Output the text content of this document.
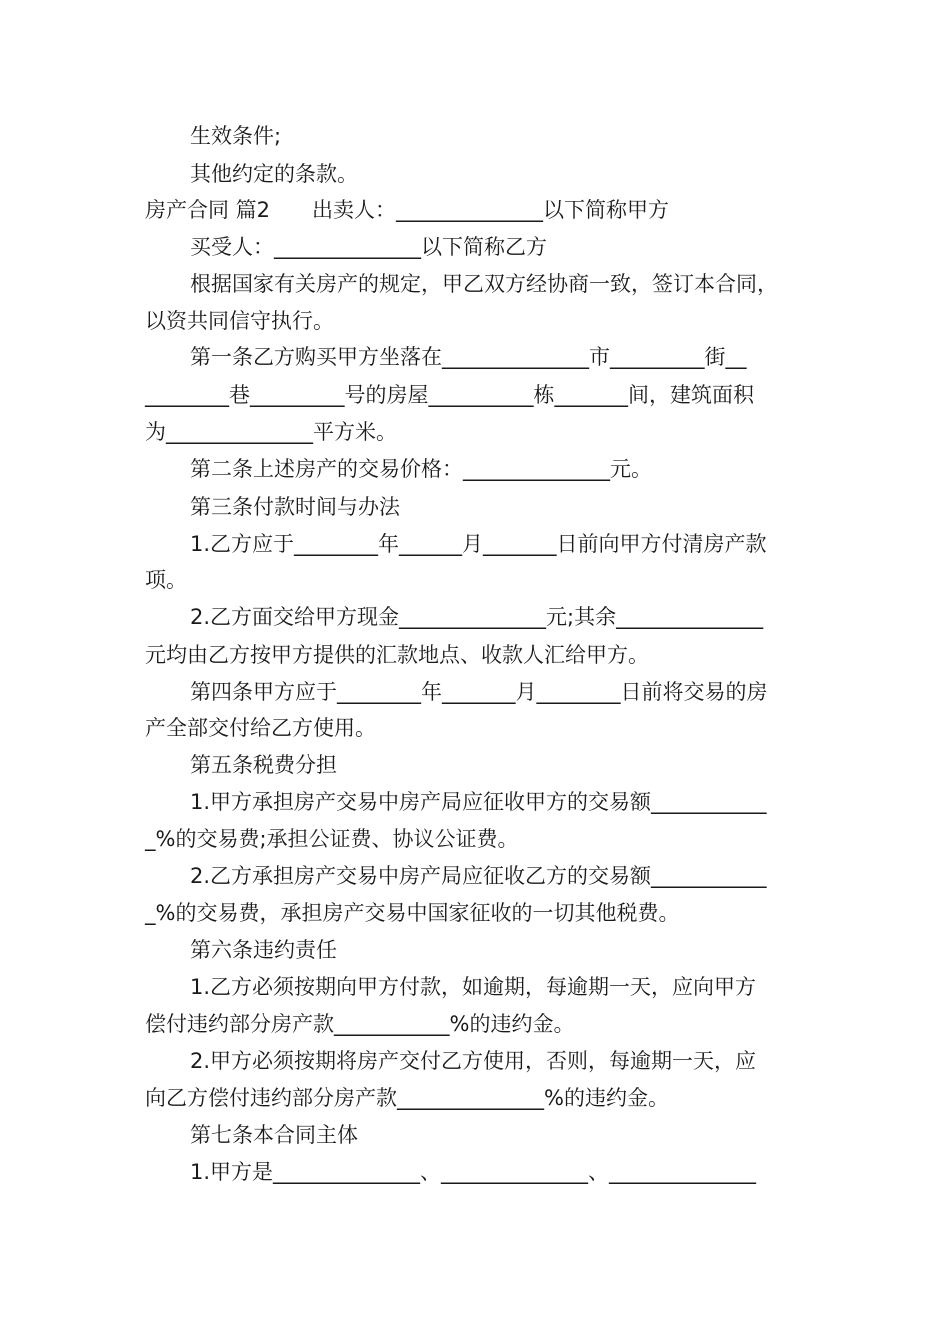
生效条件;
其他约定的条款。
房产合同 篇2　　出卖人：______________以下简称甲方
买受人：______________以下简称乙方
根据国家有关房产的规定，甲乙双方经协商一致，签订本合同，
以资共同信守执行。
第一条乙方购买甲方坐落在______________市_________街__
________巷_________号的房屋__________栋_______间，建筑面积
为______________平方米。
第二条上述房产的交易价格：______________元。
第三条付款时间与办法
1.乙方应于________年______月_______日前向甲方付清房产款
项。
2.乙方面交给甲方现金______________元;其余______________
元均由乙方按甲方提供的汇款地点、收款人汇给甲方。
第四条甲方应于________年_______月________日前将交易的房
产全部交付给乙方使用。
第五条税费分担
1.甲方承担房产交易中房产局应征收甲方的交易额___________
_%的交易费;承担公证费、协议公证费。
2.乙方承担房产交易中房产局应征收乙方的交易额___________
_%的交易费，承担房产交易中国家征收的一切其他税费。
第六条违约责任
1.乙方必须按期向甲方付款，如逾期，每逾期一天，应向甲方
偿付违约部分房产款___________%的违约金。
2.甲方必须按期将房产交付乙方使用，否则，每逾期一天，应
向乙方偿付违约部分房产款______________%的违约金。
第七条本合同主体
1.甲方是______________、______________、______________
